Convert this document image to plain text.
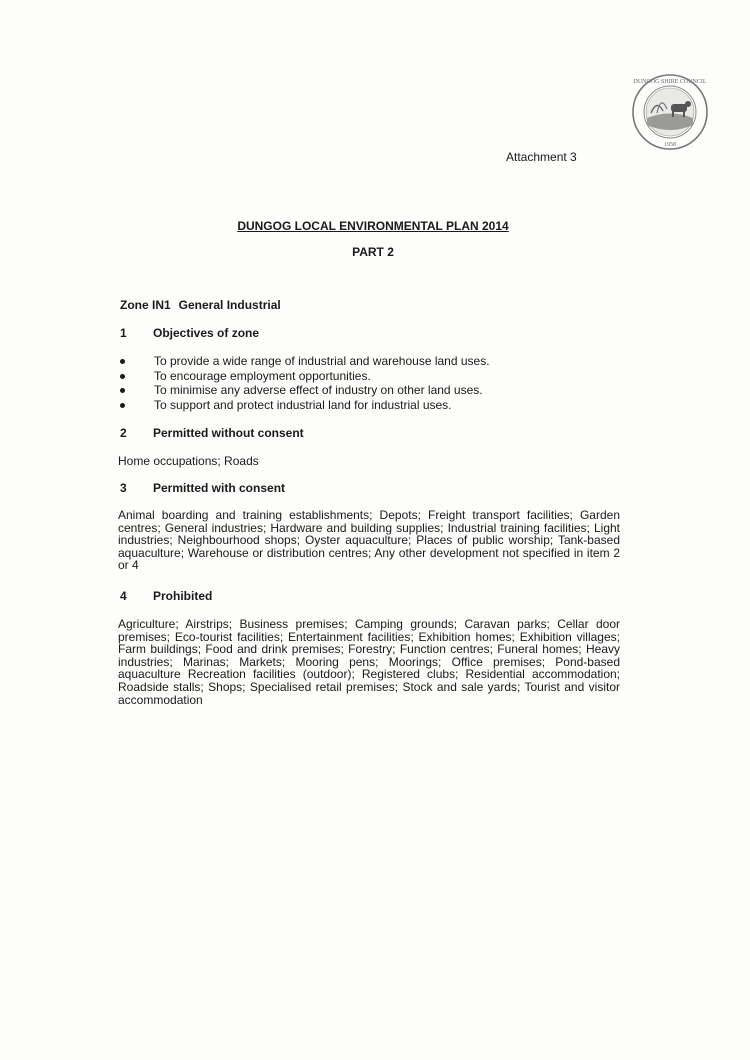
DUNGOG SHIRE COUNCIL
1958
Attachment 3
DUNGOG LOCAL ENVIRONMENTAL PLAN 2014
PART 2
Zone IN1 General Industrial
1 Objectives of zone
To provide a wide range of industrial and warehouse land uses.
To encourage employment opportunities.
To minimise any adverse effect of industry on other land uses.
To support and protect industrial land for industrial uses.
2 Permitted without consent
Home occupations; Roads
3 Permitted with consent

Animal boarding and training establishments; Depots; Freight transport facilities; Garden centres; General industries; Hardware and building supplies; Industrial training facilities; Light industries; Neighbourhood shops; Oyster aquaculture; Places of public worship; Tank-based aquaculture; Warehouse or distribution centres; Any other development not specified in item 2 or 4

4 Prohibited

Agriculture; Airstrips; Business premises; Camping grounds; Caravan parks; Cellar door premises; Eco-tourist facilities; Entertainment facilities; Exhibition homes; Exhibition villages; Farm buildings; Food and drink premises; Forestry; Function centres; Funeral homes; Heavy industries; Marinas; Markets; Mooring pens; Moorings; Office premises; Pond-based aquaculture Recreation facilities (outdoor); Registered clubs; Residential accommodation; Roadside stalls; Shops; Specialised retail premises; Stock and sale yards; Tourist and visitor accommodation
